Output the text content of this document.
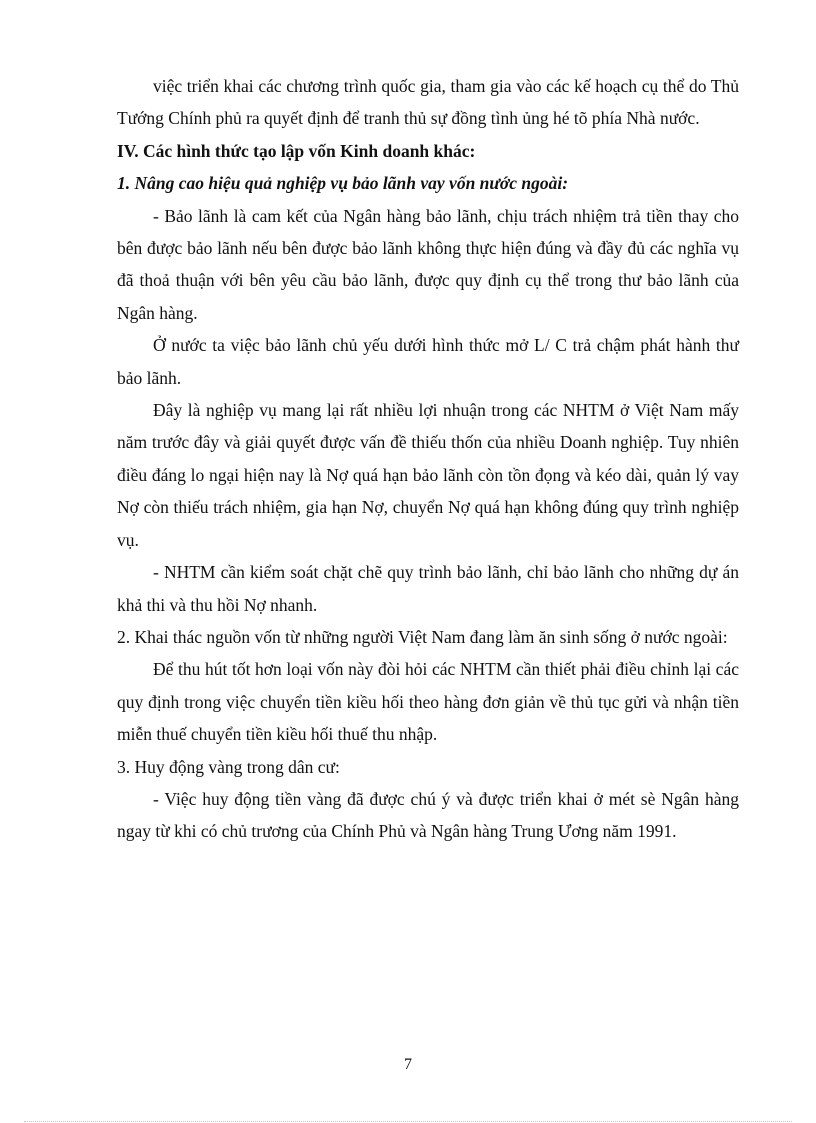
việc triển khai các chương trình quốc gia, tham gia vào các kế hoạch cụ thể do Thủ Tướng Chính phủ ra quyết định để tranh thủ sự đồng tình ủng hé tõ phía Nhà nước.

IV. Các hình thức tạo lập vốn Kinh doanh khác:

1. Nâng cao hiệu quả nghiệp vụ bảo lãnh vay vốn nước ngoài:

- Bảo lãnh là cam kết của Ngân hàng bảo lãnh, chịu trách nhiệm trả tiền thay cho bên được bảo lãnh nếu bên được bảo lãnh không thực hiện đúng và đầy đủ các nghĩa vụ đã thoả thuận với bên yêu cầu bảo lãnh, được quy định cụ thể trong thư bảo lãnh của Ngân hàng.

Ở nước ta việc bảo lãnh chủ yếu dưới hình thức mở L/ C trả chậm phát hành thư bảo lãnh.

Đây là nghiệp vụ mang lại rất nhiều lợi nhuận trong các NHTM ở Việt Nam mấy năm trước đây và giải quyết được vấn đề thiếu thốn của nhiều Doanh nghiệp. Tuy nhiên điều đáng lo ngại hiện nay là Nợ quá hạn bảo lãnh còn tồn đọng và kéo dài, quản lý vay Nợ còn thiếu trách nhiệm, gia hạn Nợ, chuyển Nợ quá hạn không đúng quy trình nghiệp vụ.

- NHTM cần kiểm soát chặt chẽ quy trình bảo lãnh, chỉ bảo lãnh cho những dự án khả thi và thu hồi Nợ nhanh.

2. Khai thác nguồn vốn từ những người Việt Nam đang làm ăn sinh sống ở nước ngoài:

Để thu hút tốt hơn loại vốn này đòi hỏi các NHTM cần thiết phải điều chỉnh lại các quy định trong việc chuyển tiền kiều hối theo hàng đơn giản về thủ tục gửi và nhận tiền miễn thuế chuyển tiền kiều hối thuế thu nhập.

3. Huy động vàng trong dân cư:

- Việc huy động tiền vàng đã được chú ý và được triển khai ở mét sè Ngân hàng ngay từ khi có chủ trương của Chính Phủ và Ngân hàng Trung Ương năm 1991.

7
